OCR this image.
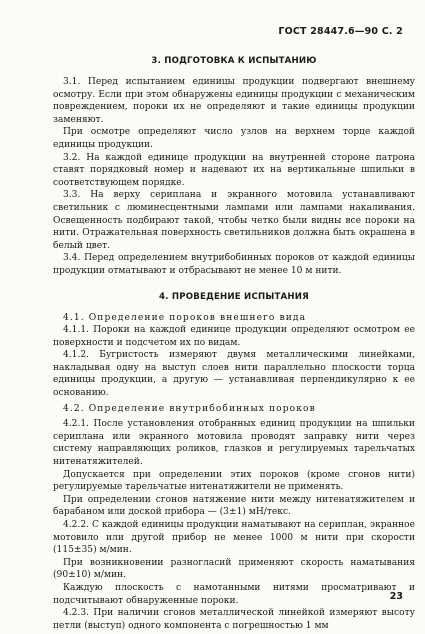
ГОСТ 28447.6—90 С. 2
3. ПОДГОТОВКА К ИСПЫТАНИЮ

3.1. Перед испытанием единицы продукции подвергают внешнему осмотру. Если при этом обнаружены единицы продукции с механическим повреждением, пороки их не определяют и такие единицы продукции заменяют.

При осмотре определяют число узлов на верхнем торце каждой единицы продукции.

3.2. На каждой единице продукции на внутренней стороне патрона ставят порядковый номер и надевают их на вертикальные шпильки в соответствующем порядке.

3.3. На верху сериплана и экранного мотовила устанавливают светильник с люминесцентными лампами или лампами накаливания. Освещенность подбирают такой, чтобы четко были видны все пороки на нити. Отражательная поверхность светильников должна быть окрашена в белый цвет.

3.4. Перед определением внутрибобинных пороков от каждой единицы продукции отматывают и отбрасывают не менее 10 м нити.

4. ПРОВЕДЕНИЕ ИСПЫТАНИЯ

4.1. Определение пороков внешнего вида

4.1.1. Пороки на каждой единице продукции определяют осмотром ее поверхности и подсчетом их по видам.

4.1.2. Бугристость измеряют двумя металлическими линейками, накладывая одну на выступ слоев нити параллельно плоскости торца единицы продукции, а другую — устанавливая перпендикулярно к ее основанию.

4.2. Определение внутрибобинных пороков

4.2.1. После установления отобранных единиц продукции на шпильки сериплана или экранного мотовила проводят заправку нити через систему направляющих роликов, глазков и регулируемых тарельчатых нитенатяжителей.

Допускается при определении этих пороков (кроме сгонов нити) регулируемые тарельчатые нитенатяжители не применять.

При определении сгонов натяжение нити между нитенатяжителем и барабаном или доской прибора — (3±1) мН/текс.

4.2.2. С каждой единицы продукции наматывают на сериплан, экранное мотовило или другой прибор не менее 1000 м нити при скорости (115±35) м/мин.

При возникновении разногласий применяют скорость наматывания (90±10) м/мин.

Каждую плоскость с намотанными нитями просматривают и подсчитывают обнаруженные пороки.

4.2.3. При наличии сгонов металлической линейкой измеряют высоту петли (выступ) одного компонента с погрешностью 1 мм

23
